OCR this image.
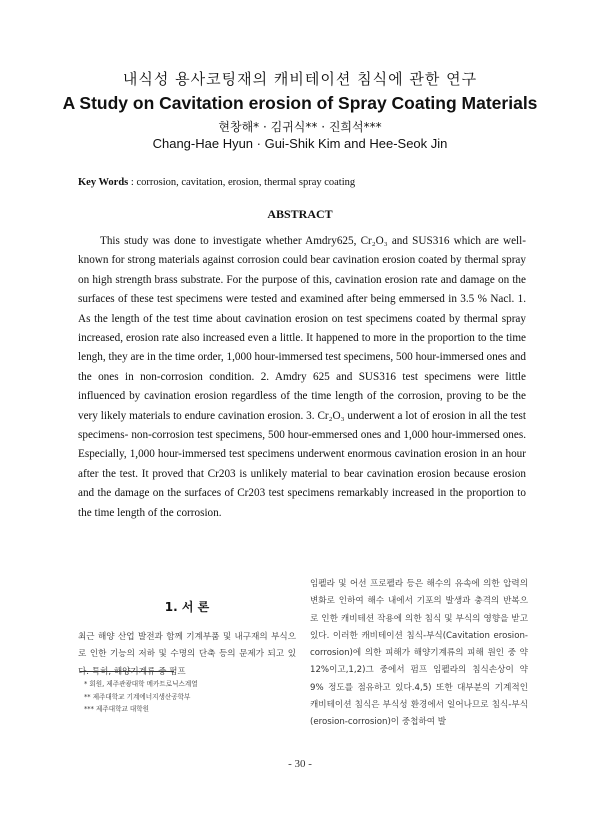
내식성 용사코팅재의 캐비테이션 침식에 관한 연구
A Study on Cavitation erosion of Spray Coating Materials
현창해* · 김귀식** · 진희석***
Chang-Hae Hyun · Gui-Shik Kim and Hee-Seok Jin
Key Words : corrosion, cavitation, erosion, thermal spray coating
ABSTRACT

This study was done to investigate whether Amdry625, Cr₂O₃ and SUS316 which are well-known for strong materials against corrosion could bear cavination erosion coated by thermal spray on high strength brass substrate. For the purpose of this, cavination erosion rate and damage on the surfaces of these test specimens were tested and examined after being emmersed in 3.5 % Nacl. 1. As the length of the test time about cavination erosion on test specimens coated by thermal spray increased, erosion rate also increased even a little. It happened to more in the proportion to the time lengh, they are in the time order, 1,000 hour-immersed test specimens, 500 hour-immersed ones and the ones in non-corrosion condition. 2. Amdry 625 and SUS316 test specimens were little influenced by cavination erosion regardless of the time length of the corrosion, proving to be the very likely materials to endure cavination erosion. 3. Cr₂O₃ underwent a lot of erosion in all the test specimens- non-corrosion test specimens, 500 hour-emmersed ones and 1,000 hour-immersed ones. Especially, 1,000 hour-immersed test specimens underwent enormous cavination erosion in an hour after the test. It proved that Cr203 is unlikely material to bear cavination erosion because erosion and the damage on the surfaces of Cr203 test specimens remarkably increased in the proportion to the time length of the corrosion.

1. 서 론

최근 해양 산업 발전과 함께 기계부품 및 내구재의 부식으로 인한 기능의 저하 및 수명의 단축 등의 문제가 되고 있다. 특히, 해양기계류 중 펌프

* 회원, 제주관광대학 메카트로닉스계열
** 제주대학교 기계에너지생산공학부
*** 제주대학교 대학원

임펠라 및 어선 프로펠라 등은 해수의 유속에 의한 압력의 변화로 인하여 해수 내에서 기포의 발생과 충격의 반복으로 인한 캐비테션 작용에 의한 침식 및 부식의 영향을 받고 있다. 이러한 캐비테이션 침식-부식(Cavitation erosion-corrosion)에 의한 피해가 해양기계류의 피해 원인 중 약 12%이고,1,2)그 중에서 펌프 임펠라의 침식손상이 약 9% 정도를 점유하고 있다.4,5) 또한 대부분의 기계적인 캐비테이션 침식은 부식성 환경에서 일어나므로 침식-부식(erosion-corrosion)이 중첩하여 발

- 30 -
